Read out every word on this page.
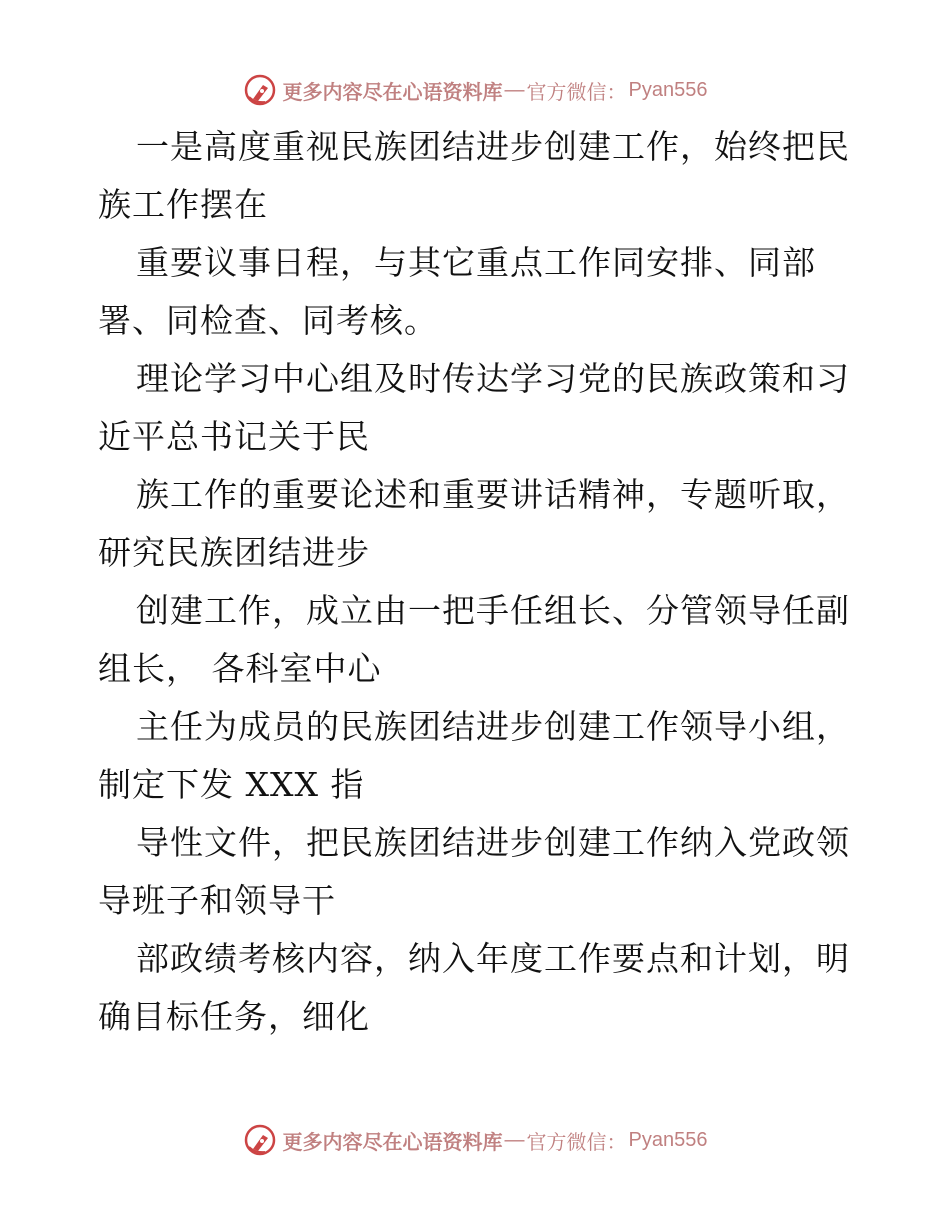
更多内容尽在心语资料库 — 官方微信： Pyan556

一是高度重视民族团结进步创建工作，始终把民
族工作摆在

重要议事日程，与其它重点工作同安排、同部
署、同检查、同考核。

理论学习中心组及时传达学习党的民族政策和习
近平总书记关于民

族工作的重要论述和重要讲话精神，专题听取，
研究民族团结进步

创建工作，成立由一把手任组长、分管领导任副
组长， 各科室中心

主任为成员的民族团结进步创建工作领导小组，
制定下发 XXX 指

导性文件，把民族团结进步创建工作纳入党政领
导班子和领导干

部政绩考核内容，纳入年度工作要点和计划，明
确目标任务，细化

更多内容尽在心语资料库 — 官方微信： Pyan556
